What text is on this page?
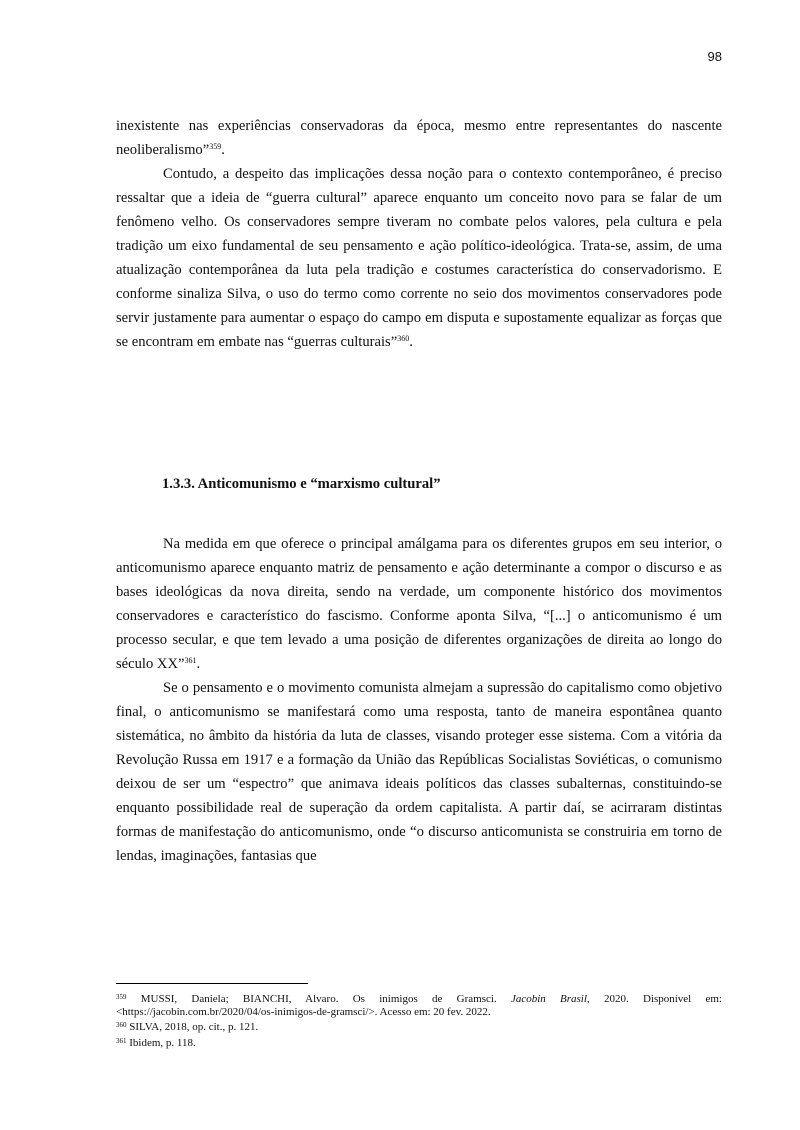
98

inexistente nas experiências conservadoras da época, mesmo entre representantes do nascente neoliberalismo”$^{359}$.

Contudo, a despeito das implicações dessa noção para o contexto contemporâneo, é preciso ressaltar que a ideia de “guerra cultural” aparece enquanto um conceito novo para se falar de um fenômeno velho. Os conservadores sempre tiveram no combate pelos valores, pela cultura e pela tradição um eixo fundamental de seu pensamento e ação político-ideológica. Trata-se, assim, de uma atualização contemporânea da luta pela tradição e costumes característica do conservadorismo. E conforme sinaliza Silva, o uso do termo como corrente no seio dos movimentos conservadores pode servir justamente para aumentar o espaço do campo em disputa e supostamente equalizar as forças que se encontram em embate nas “guerras culturais”$^{360}$.

1.3.3. Anticomunismo e “marxismo cultural”

Na medida em que oferece o principal amálgama para os diferentes grupos em seu interior, o anticomunismo aparece enquanto matriz de pensamento e ação determinante a compor o discurso e as bases ideológicas da nova direita, sendo na verdade, um componente histórico dos movimentos conservadores e característico do fascismo. Conforme aponta Silva, “[...] o anticomunismo é um processo secular, e que tem levado a uma posição de diferentes organizações de direita ao longo do século XX”$^{361}$.

Se o pensamento e o movimento comunista almejam a supressão do capitalismo como objetivo final, o anticomunismo se manifestará como uma resposta, tanto de maneira espontânea quanto sistemática, no âmbito da história da luta de classes, visando proteger esse sistema. Com a vitória da Revolução Russa em 1917 e a formação da União das Repúblicas Socialistas Soviéticas, o comunismo deixou de ser um “espectro” que animava ideais políticos das classes subalternas, constituindo-se enquanto possibilidade real de superação da ordem capitalista. A partir daí, se acirraram distintas formas de manifestação do anticomunismo, onde “o discurso anticomunista se construiria em torno de lendas, imaginações, fantasias que

$^{359}$ MUSSI, Daniela; BIANCHI, Alvaro. Os inimigos de Gramsci. Jacobin Brasil, 2020. Disponível em: <https://jacobin.com.br/2020/04/os-inimigos-de-gramsci/>. Acesso em: 20 fev. 2022.

$^{360}$ SILVA, 2018, op. cit., p. 121.

$^{361}$ Ibidem, p. 118.
